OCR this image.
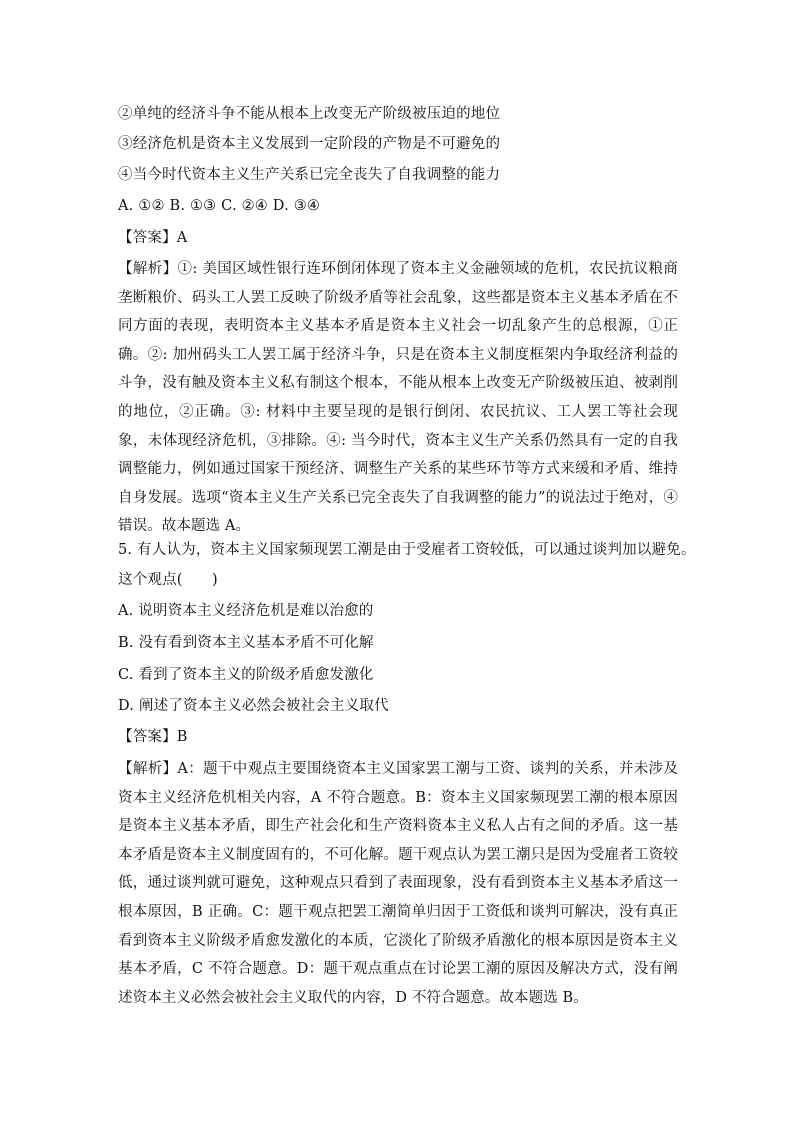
②单纯的经济斗争不能从根本上改变无产阶级被压迫的地位
③经济危机是资本主义发展到一定阶段的产物是不可避免的
④当今时代资本主义生产关系已完全丧失了自我调整的能力
A. ①② B. ①③ C. ②④ D. ③④
【答案】A
【解析】①: 美国区域性银行连环倒闭体现了资本主义金融领域的危机，农民抗议粮商垄断粮价、码头工人罢工反映了阶级矛盾等社会乱象，这些都是资本主义基本矛盾在不同方面的表现，表明资本主义基本矛盾是资本主义社会一切乱象产生的总根源，①正确。②: 加州码头工人罢工属于经济斗争，只是在资本主义制度框架内争取经济利益的斗争，没有触及资本主义私有制这个根本，不能从根本上改变无产阶级被压迫、被剥削的地位，②正确。③: 材料中主要呈现的是银行倒闭、农民抗议、工人罢工等社会现象，未体现经济危机，③排除。④: 当今时代，资本主义生产关系仍然具有一定的自我调整能力，例如通过国家干预经济、调整生产关系的某些环节等方式来缓和矛盾、维持自身发展。选项“资本主义生产关系已完全丧失了自我调整的能力”的说法过于绝对，④错误。故本题选 A。
5. 有人认为，资本主义国家频现罢工潮是由于受雇者工资较低，可以通过谈判加以避免。
这个观点(　　)
A. 说明资本主义经济危机是难以治愈的
B. 没有看到资本主义基本矛盾不可化解
C. 看到了资本主义的阶级矛盾愈发激化
D. 阐述了资本主义必然会被社会主义取代
【答案】B
【解析】A：题干中观点主要围绕资本主义国家罢工潮与工资、谈判的关系，并未涉及资本主义经济危机相关内容，A 不符合题意。B：资本主义国家频现罢工潮的根本原因是资本主义基本矛盾，即生产社会化和生产资料资本主义私人占有之间的矛盾。这一基本矛盾是资本主义制度固有的，不可化解。题干观点认为罢工潮只是因为受雇者工资较低，通过谈判就可避免，这种观点只看到了表面现象，没有看到资本主义基本矛盾这一根本原因，B 正确。C：题干观点把罢工潮简单归因于工资低和谈判可解决，没有真正看到资本主义阶级矛盾愈发激化的本质，它淡化了阶级矛盾激化的根本原因是资本主义基本矛盾，C 不符合题意。D：题干观点重点在讨论罢工潮的原因及解决方式，没有阐述资本主义必然会被社会主义取代的内容，D 不符合题意。故本题选 B。
